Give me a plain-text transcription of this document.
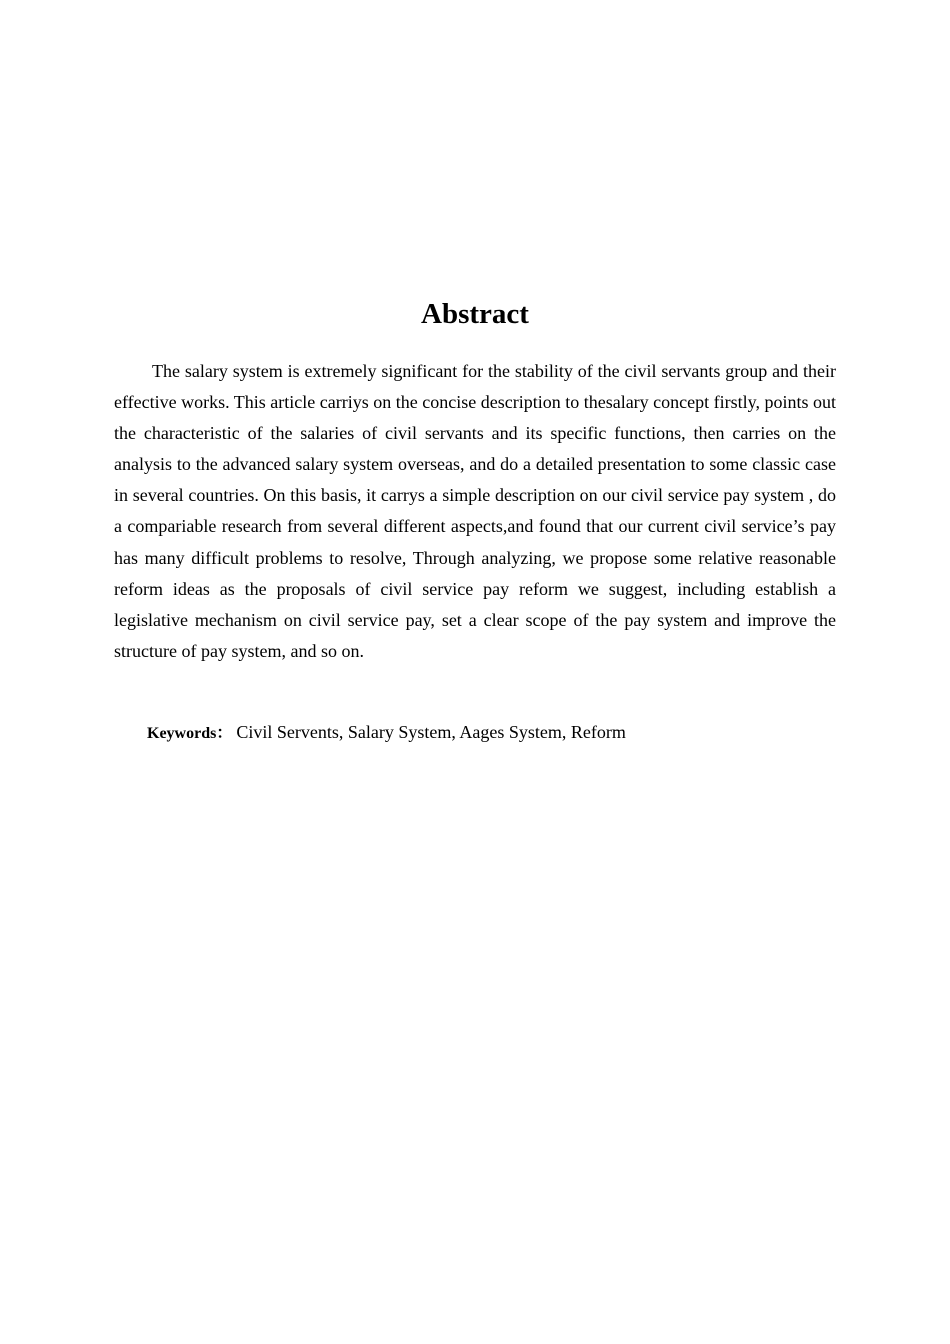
Abstract

The salary system is extremely significant for the stability of the civil servants group and their effective works. This article carriys on the concise description to thesalary concept firstly, points out the characteristic of the salaries of civil servants and its specific functions, then carries on the analysis to the advanced salary system overseas, and do a detailed presentation to some classic case in several countries. On this basis, it carrys a simple description on our civil service pay system , do a compariable research from several different aspects,and found that our current civil service’s pay has many difficult problems to resolve, Through analyzing, we propose some relative reasonable reform ideas as the proposals of civil service pay reform we suggest, including establish a legislative mechanism on civil service pay, set a clear scope of the pay system and improve the structure of pay system, and so on.

Keywords： Civil Servents, Salary System, Aages System, Reform
